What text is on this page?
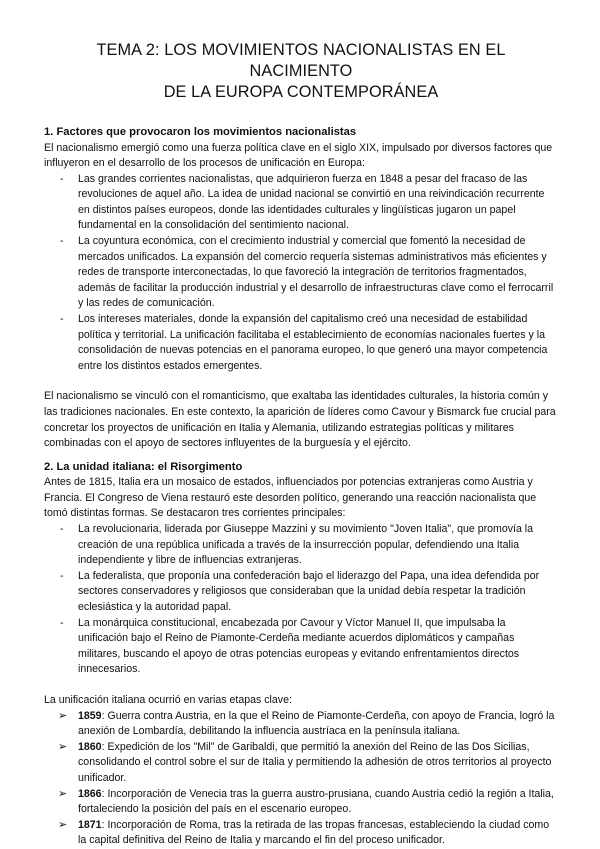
TEMA 2: LOS MOVIMIENTOS NACIONALISTAS EN EL NACIMIENTO
DE LA EUROPA CONTEMPORÁNEA
1. Factores que provocaron los movimientos nacionalistas

El nacionalismo emergió como una fuerza política clave en el siglo XIX, impulsado por diversos factores que influyeron en el desarrollo de los procesos de unificación en Europa:

- Las grandes corrientes nacionalistas, que adquirieron fuerza en 1848 a pesar del fracaso de las revoluciones de aquel año. La idea de unidad nacional se convirtió en una reivindicación recurrente en distintos países europeos, donde las identidades culturales y lingüísticas jugaron un papel fundamental en la consolidación del sentimiento nacional.
- La coyuntura económica, con el crecimiento industrial y comercial que fomentó la necesidad de mercados unificados. La expansión del comercio requería sistemas administrativos más eficientes y redes de transporte interconectadas, lo que favoreció la integración de territorios fragmentados, además de facilitar la producción industrial y el desarrollo de infraestructuras clave como el ferrocarril y las redes de comunicación.
- Los intereses materiales, donde la expansión del capitalismo creó una necesidad de estabilidad política y territorial. La unificación facilitaba el establecimiento de economías nacionales fuertes y la consolidación de nuevas potencias en el panorama europeo, lo que generó una mayor competencia entre los distintos estados emergentes.

El nacionalismo se vinculó con el romanticismo, que exaltaba las identidades culturales, la historia común y las tradiciones nacionales. En este contexto, la aparición de líderes como Cavour y Bismarck fue crucial para concretar los proyectos de unificación en Italia y Alemania, utilizando estrategias políticas y militares combinadas con el apoyo de sectores influyentes de la burguesía y el ejército.

2. La unidad italiana: el Risorgimento

Antes de 1815, Italia era un mosaico de estados, influenciados por potencias extranjeras como Austria y Francia. El Congreso de Viena restauró este desorden político, generando una reacción nacionalista que tomó distintas formas. Se destacaron tres corrientes principales:

- La revolucionaria, liderada por Giuseppe Mazzini y su movimiento "Joven Italia", que promovía la creación de una república unificada a través de la insurrección popular, defendiendo una Italia independiente y libre de influencias extranjeras.
- La federalista, que proponía una confederación bajo el liderazgo del Papa, una idea defendida por sectores conservadores y religiosos que consideraban que la unidad debía respetar la tradición eclesiástica y la autoridad papal.
- La monárquica constitucional, encabezada por Cavour y Víctor Manuel II, que impulsaba la unificación bajo el Reino de Piamonte-Cerdeña mediante acuerdos diplomáticos y campañas militares, buscando el apoyo de otras potencias europeas y evitando enfrentamientos directos innecesarios.

La unificación italiana ocurrió en varias etapas clave:

➢ 1859: Guerra contra Austria, en la que el Reino de Piamonte-Cerdeña, con apoyo de Francia, logró la anexión de Lombardía, debilitando la influencia austríaca en la península italiana.
➢ 1860: Expedición de los "Mil" de Garibaldi, que permitió la anexión del Reino de las Dos Sicilias, consolidando el control sobre el sur de Italia y permitiendo la adhesión de otros territorios al proyecto unificador.
➢ 1866: Incorporación de Venecia tras la guerra austro-prusiana, cuando Austria cedió la región a Italia, fortaleciendo la posición del país en el escenario europeo.
➢ 1871: Incorporación de Roma, tras la retirada de las tropas francesas, estableciendo la ciudad como la capital definitiva del Reino de Italia y marcando el fin del proceso unificador.
